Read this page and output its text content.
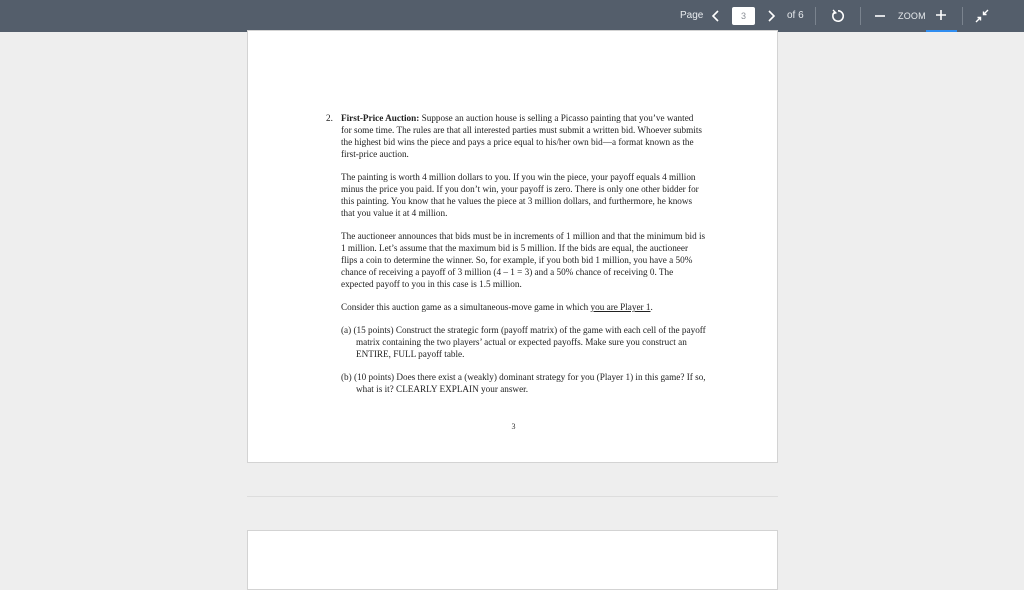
Page
3	of 6	ZOOM
2. First-Price Auction: Suppose an auction house is selling a Picasso painting that you’ve wanted for some time. The rules are that all interested parties must submit a written bid. Whoever submits the highest bid wins the piece and pays a price equal to his/her own bid—a format known as the first-price auction.

The painting is worth 4 million dollars to you. If you win the piece, your payoff equals 4 million minus the price you paid. If you don’t win, your payoff is zero. There is only one other bidder for this painting. You know that he values the piece at 3 million dollars, and furthermore, he knows that you value it at 4 million.

The auctioneer announces that bids must be in increments of 1 million and that the minimum bid is 1 million. Let’s assume that the maximum bid is 5 million. If the bids are equal, the auctioneer flips a coin to determine the winner. So, for example, if you both bid 1 million, you have a 50% chance of receiving a payoff of 3 million (4 – 1 = 3) and a 50% chance of receiving 0. The expected payoff to you in this case is 1.5 million.

Consider this auction game as a simultaneous-move game in which you are Player 1.

(a) (15 points) Construct the strategic form (payoff matrix) of the game with each cell of the payoff matrix containing the two players’ actual or expected payoffs. Make sure you construct an ENTIRE, FULL payoff table.

(b) (10 points) Does there exist a (weakly) dominant strategy for you (Player 1) in this game? If so, what is it? CLEARLY EXPLAIN your answer.

3
